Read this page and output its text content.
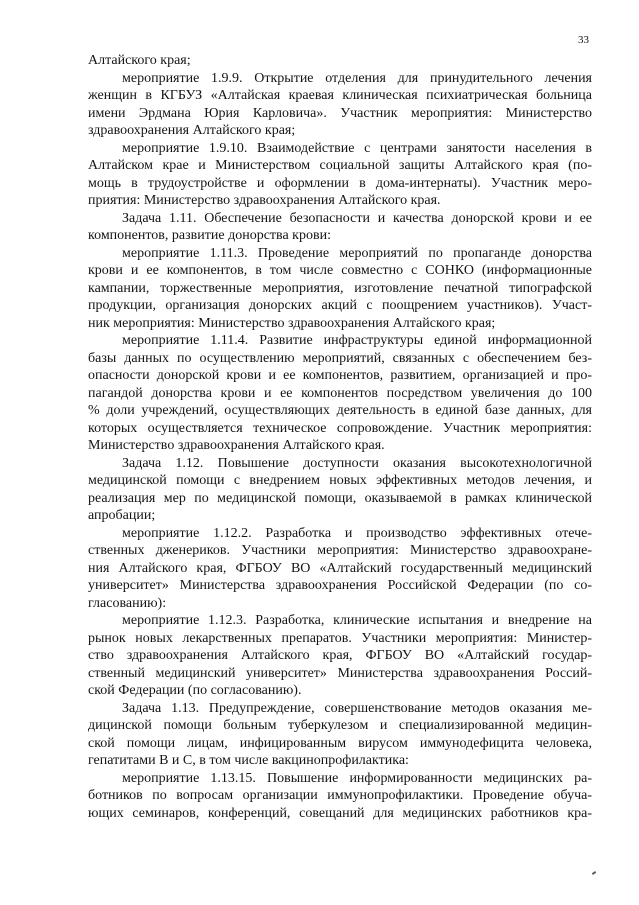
33
Алтайского края;
мероприятие 1.9.9. Открытие отделения для принудительного лечения
женщин в КГБУЗ «Алтайская краевая клиническая психиатрическая больница
имени Эрдмана Юрия Карловича». Участник мероприятия: Министерство
здравоохранения Алтайского края;
мероприятие 1.9.10. Взаимодействие с центрами занятости населения в
Алтайском крае и Министерством социальной защиты Алтайского края (по-
мощь в трудоустройстве и оформлении в дома-интернаты). Участник меро-
приятия: Министерство здравоохранения Алтайского края.
Задача 1.11. Обеспечение безопасности и качества донорской крови и ее
компонентов, развитие донорства крови:
мероприятие 1.11.3. Проведение мероприятий по пропаганде донорства
крови и ее компонентов, в том числе совместно с СОНКО (информационные
кампании, торжественные мероприятия, изготовление печатной типографской
продукции, организация донорских акций с поощрением участников). Участ-
ник мероприятия: Министерство здравоохранения Алтайского края;
мероприятие 1.11.4. Развитие инфраструктуры единой информационной
базы данных по осуществлению мероприятий, связанных с обеспечением без-
опасности донорской крови и ее компонентов, развитием, организацией и про-
пагандой донорства крови и ее компонентов посредством увеличения до 100
% доли учреждений, осуществляющих деятельность в единой базе данных, для
которых осуществляется техническое сопровождение. Участник мероприятия:
Министерство здравоохранения Алтайского края.
Задача 1.12. Повышение доступности оказания высокотехнологичной
медицинской помощи с внедрением новых эффективных методов лечения, и
реализация мер по медицинской помощи, оказываемой в рамках клинической
апробации;
мероприятие 1.12.2. Разработка и производство эффективных отече-
ственных дженериков. Участники мероприятия: Министерство здравоохране-
ния Алтайского края, ФГБОУ ВО «Алтайский государственный медицинский
университет» Министерства здравоохранения Российской Федерации (по со-
гласованию):
мероприятие 1.12.3. Разработка, клинические испытания и внедрение на
рынок новых лекарственных препаратов. Участники мероприятия: Министер-
ство здравоохранения Алтайского края, ФГБОУ ВО «Алтайский государ-
ственный медицинский университет» Министерства здравоохранения Россий-
ской Федерации (по согласованию).
Задача 1.13. Предупреждение, совершенствование методов оказания ме-
дицинской помощи больным туберкулезом и специализированной медицин-
ской помощи лицам, инфицированным вирусом иммунодефицита человека,
гепатитами В и С, в том числе вакцинопрофилактика:
мероприятие 1.13.15. Повышение информированности медицинских ра-
ботников по вопросам организации иммунопрофилактики. Проведение обуча-
ющих семинаров, конференций, совещаний для медицинских работников кра-
